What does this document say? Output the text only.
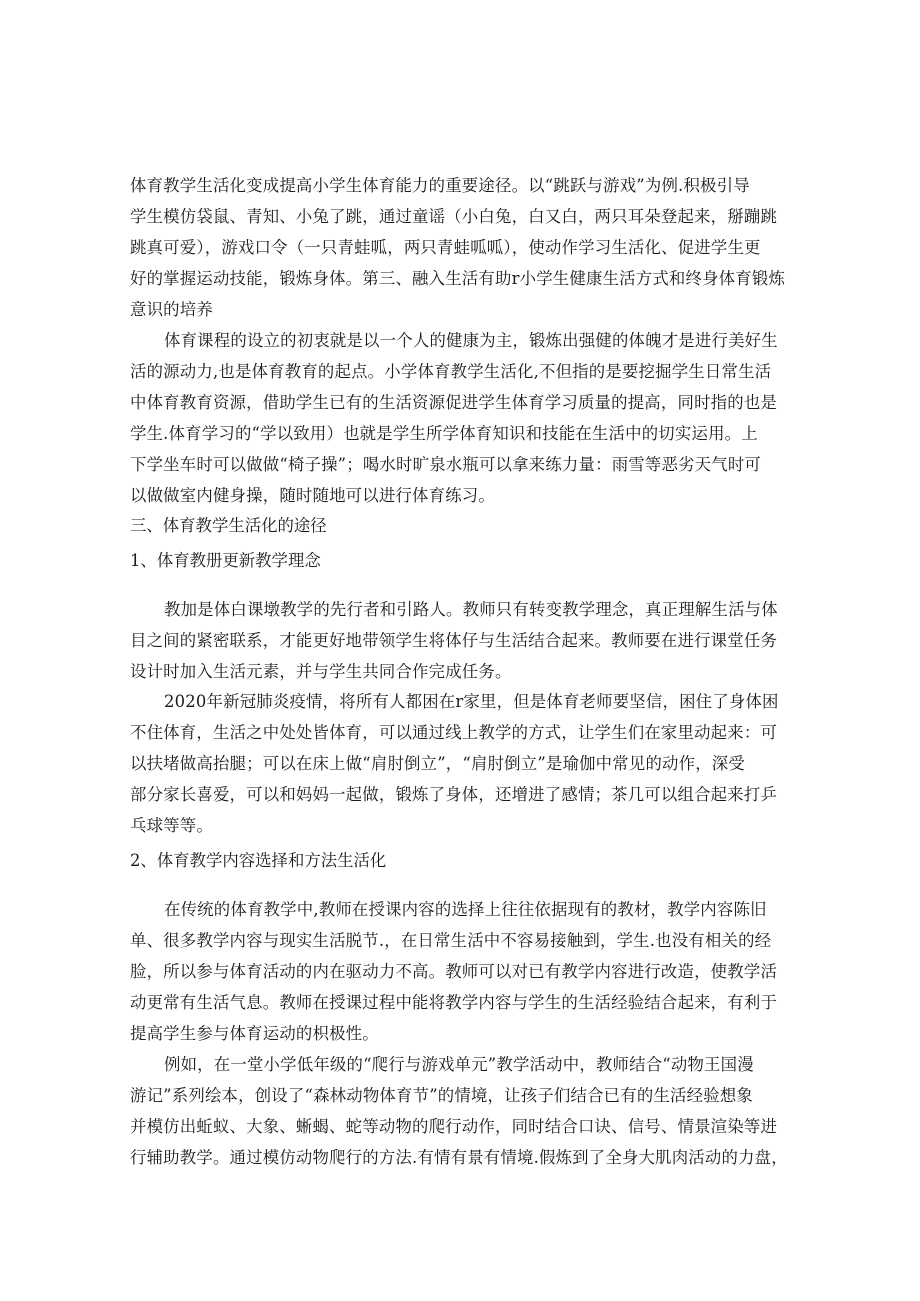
体育教学生活化变成提高小学生体育能力的重要途径。以“跳跃与游戏”为例.积极引导
学生模仿袋鼠、青知、小兔了跳，通过童谣（小白兔，白又白，两只耳朵登起来，掰蹦跳
跳真可爱），游戏口令（一只青蛙呱，两只青蛙呱呱），使动作学习生活化、促进学生更
好的掌握运动技能，锻炼身体。第三、融入生活有助r小学生健康生活方式和终身体育锻炼
意识的培养
体育课程的设立的初衷就是以一个人的健康为主，锻炼出强健的体魄才是进行美好生
活的源动力,也是体育教育的起点。小学体育教学生活化,不但指的是要挖掘学生日常生活
中体育教育资源，借助学生已有的生活资源促进学生体育学习质量的提高，同时指的也是
学生.体育学习的“学以致用）也就是学生所学体育知识和技能在生活中的切实运用。上
下学坐车时可以做做“椅子操”；喝水时旷泉水瓶可以拿来练力量：雨雪等恶劣天气时可
以做做室内健身操，随时随地可以进行体育练习。
三、体育教学生活化的途径
1、体育教册更新教学理念
教加是体白课墩教学的先行者和引路人。教师只有转变教学理念，真正理解生活与体
目之间的紧密联系，才能更好地带领学生将体仔与生活结合起来。教师要在进行课堂任务
设计时加入生活元素，并与学生共同合作完成任务。
2020年新冠肺炎疫情，将所有人都困在r家里，但是体育老师要坚信，困住了身体困
不住体育，生活之中处处皆体育，可以通过线上教学的方式，让学生们在家里动起来：可
以扶堵做高抬腿；可以在床上做“肩肘倒立”，“肩肘倒立”是瑜伽中常见的动作，深受
部分家长喜爱，可以和妈妈一起做，锻炼了身体，还增进了感情；茶几可以组合起来打乒
乓球等等。
2、体育教学内容选择和方法生活化
在传统的体育教学中,教师在授课内容的选择上往往依据现有的教材，教学内容陈旧
单、很多教学内容与现实生活脱节.，在日常生活中不容易接触到，学生.也没有相关的经
脸，所以参与体育活动的内在驱动力不高。教师可以对已有教学内容进行改造，使教学活
动更常有生活气息。教师在授课过程中能将教学内容与学生的生活经验结合起来，有利于
提高学生参与体育运动的枳极性。
例如，在一堂小学低年级的“爬行与游戏单元”教学活动中，教师结合“动物王国漫
游记”系列绘本，创设了“森林动物体育节”的情境，让孩子们结合已有的生活经验想象
并模仿出蚯蚁、大象、蜥蝎、蛇等动物的爬行动作，同时结合口诀、信号、情景渲染等进
行辅助教学。通过模仿动物爬行的方法.有情有景有情境.假炼到了全身大肌肉活动的力盘，
